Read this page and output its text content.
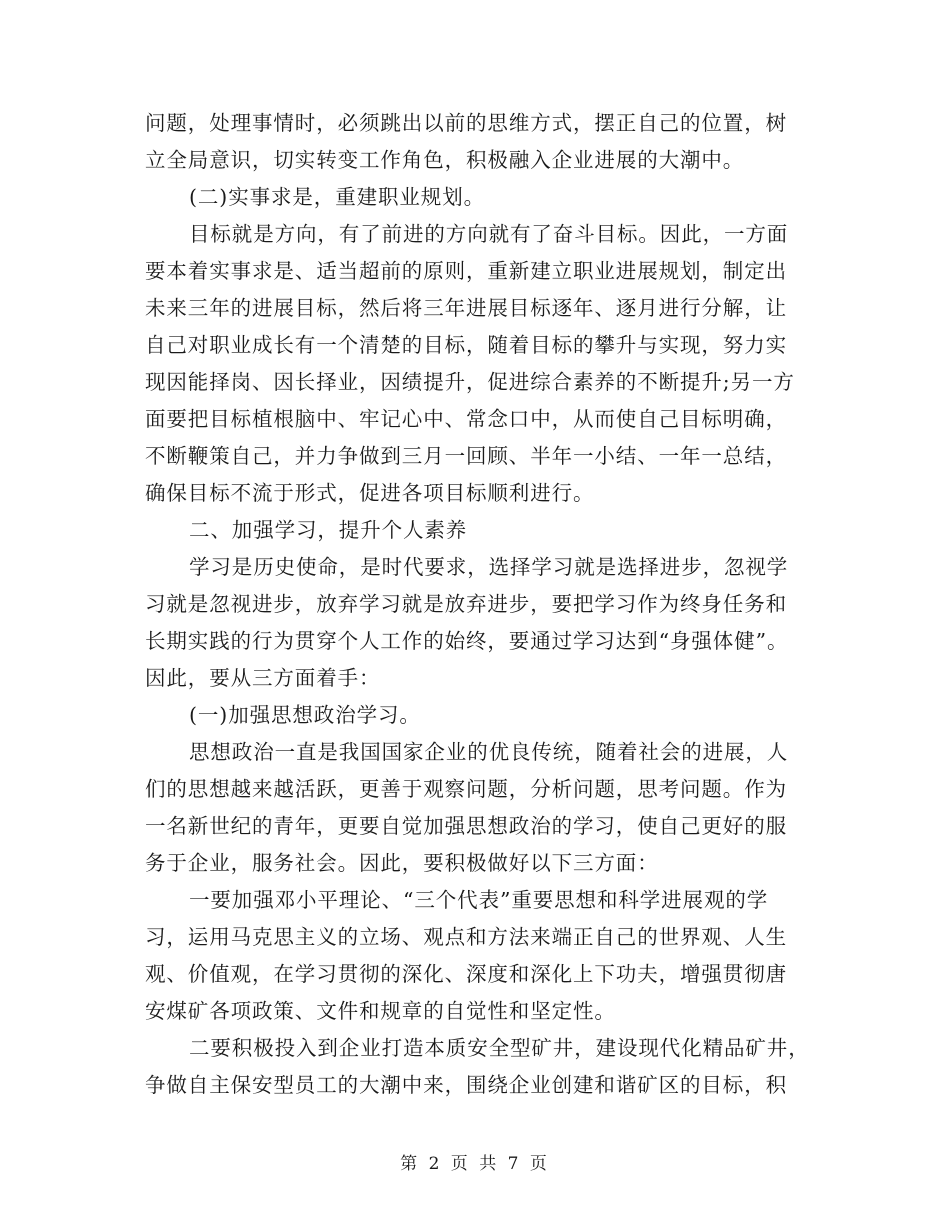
问题，处理事情时，必须跳出以前的思维方式，摆正自己的位置，树
立全局意识，切实转变工作角色，积极融入企业进展的大潮中。
(二)实事求是，重建职业规划。
目标就是方向，有了前进的方向就有了奋斗目标。因此，一方面
要本着实事求是、适当超前的原则，重新建立职业进展规划，制定出
未来三年的进展目标，然后将三年进展目标逐年、逐月进行分解，让
自己对职业成长有一个清楚的目标，随着目标的攀升与实现，努力实
现因能择岗、因长择业，因绩提升，促进综合素养的不断提升;另一方
面要把目标植根脑中、牢记心中、常念口中，从而使自己目标明确，
不断鞭策自己，并力争做到三月一回顾、半年一小结、一年一总结，
确保目标不流于形式，促进各项目标顺利进行。
二、加强学习，提升个人素养
学习是历史使命，是时代要求，选择学习就是选择进步，忽视学
习就是忽视进步，放弃学习就是放弃进步，要把学习作为终身任务和
长期实践的行为贯穿个人工作的始终，要通过学习达到“身强体健”。
因此，要从三方面着手：
(一)加强思想政治学习。
思想政治一直是我国国家企业的优良传统，随着社会的进展，人
们的思想越来越活跃，更善于观察问题，分析问题，思考问题。作为
一名新世纪的青年，更要自觉加强思想政治的学习，使自己更好的服
务于企业，服务社会。因此，要积极做好以下三方面：
一要加强邓小平理论、“三个代表”重要思想和科学进展观的学
习，运用马克思主义的立场、观点和方法来端正自己的世界观、人生
观、价值观，在学习贯彻的深化、深度和深化上下功夫，增强贯彻唐
安煤矿各项政策、文件和规章的自觉性和坚定性。
二要积极投入到企业打造本质安全型矿井，建设现代化精品矿井，
争做自主保安型员工的大潮中来，围绕企业创建和谐矿区的目标，积
第 2 页 共 7 页
